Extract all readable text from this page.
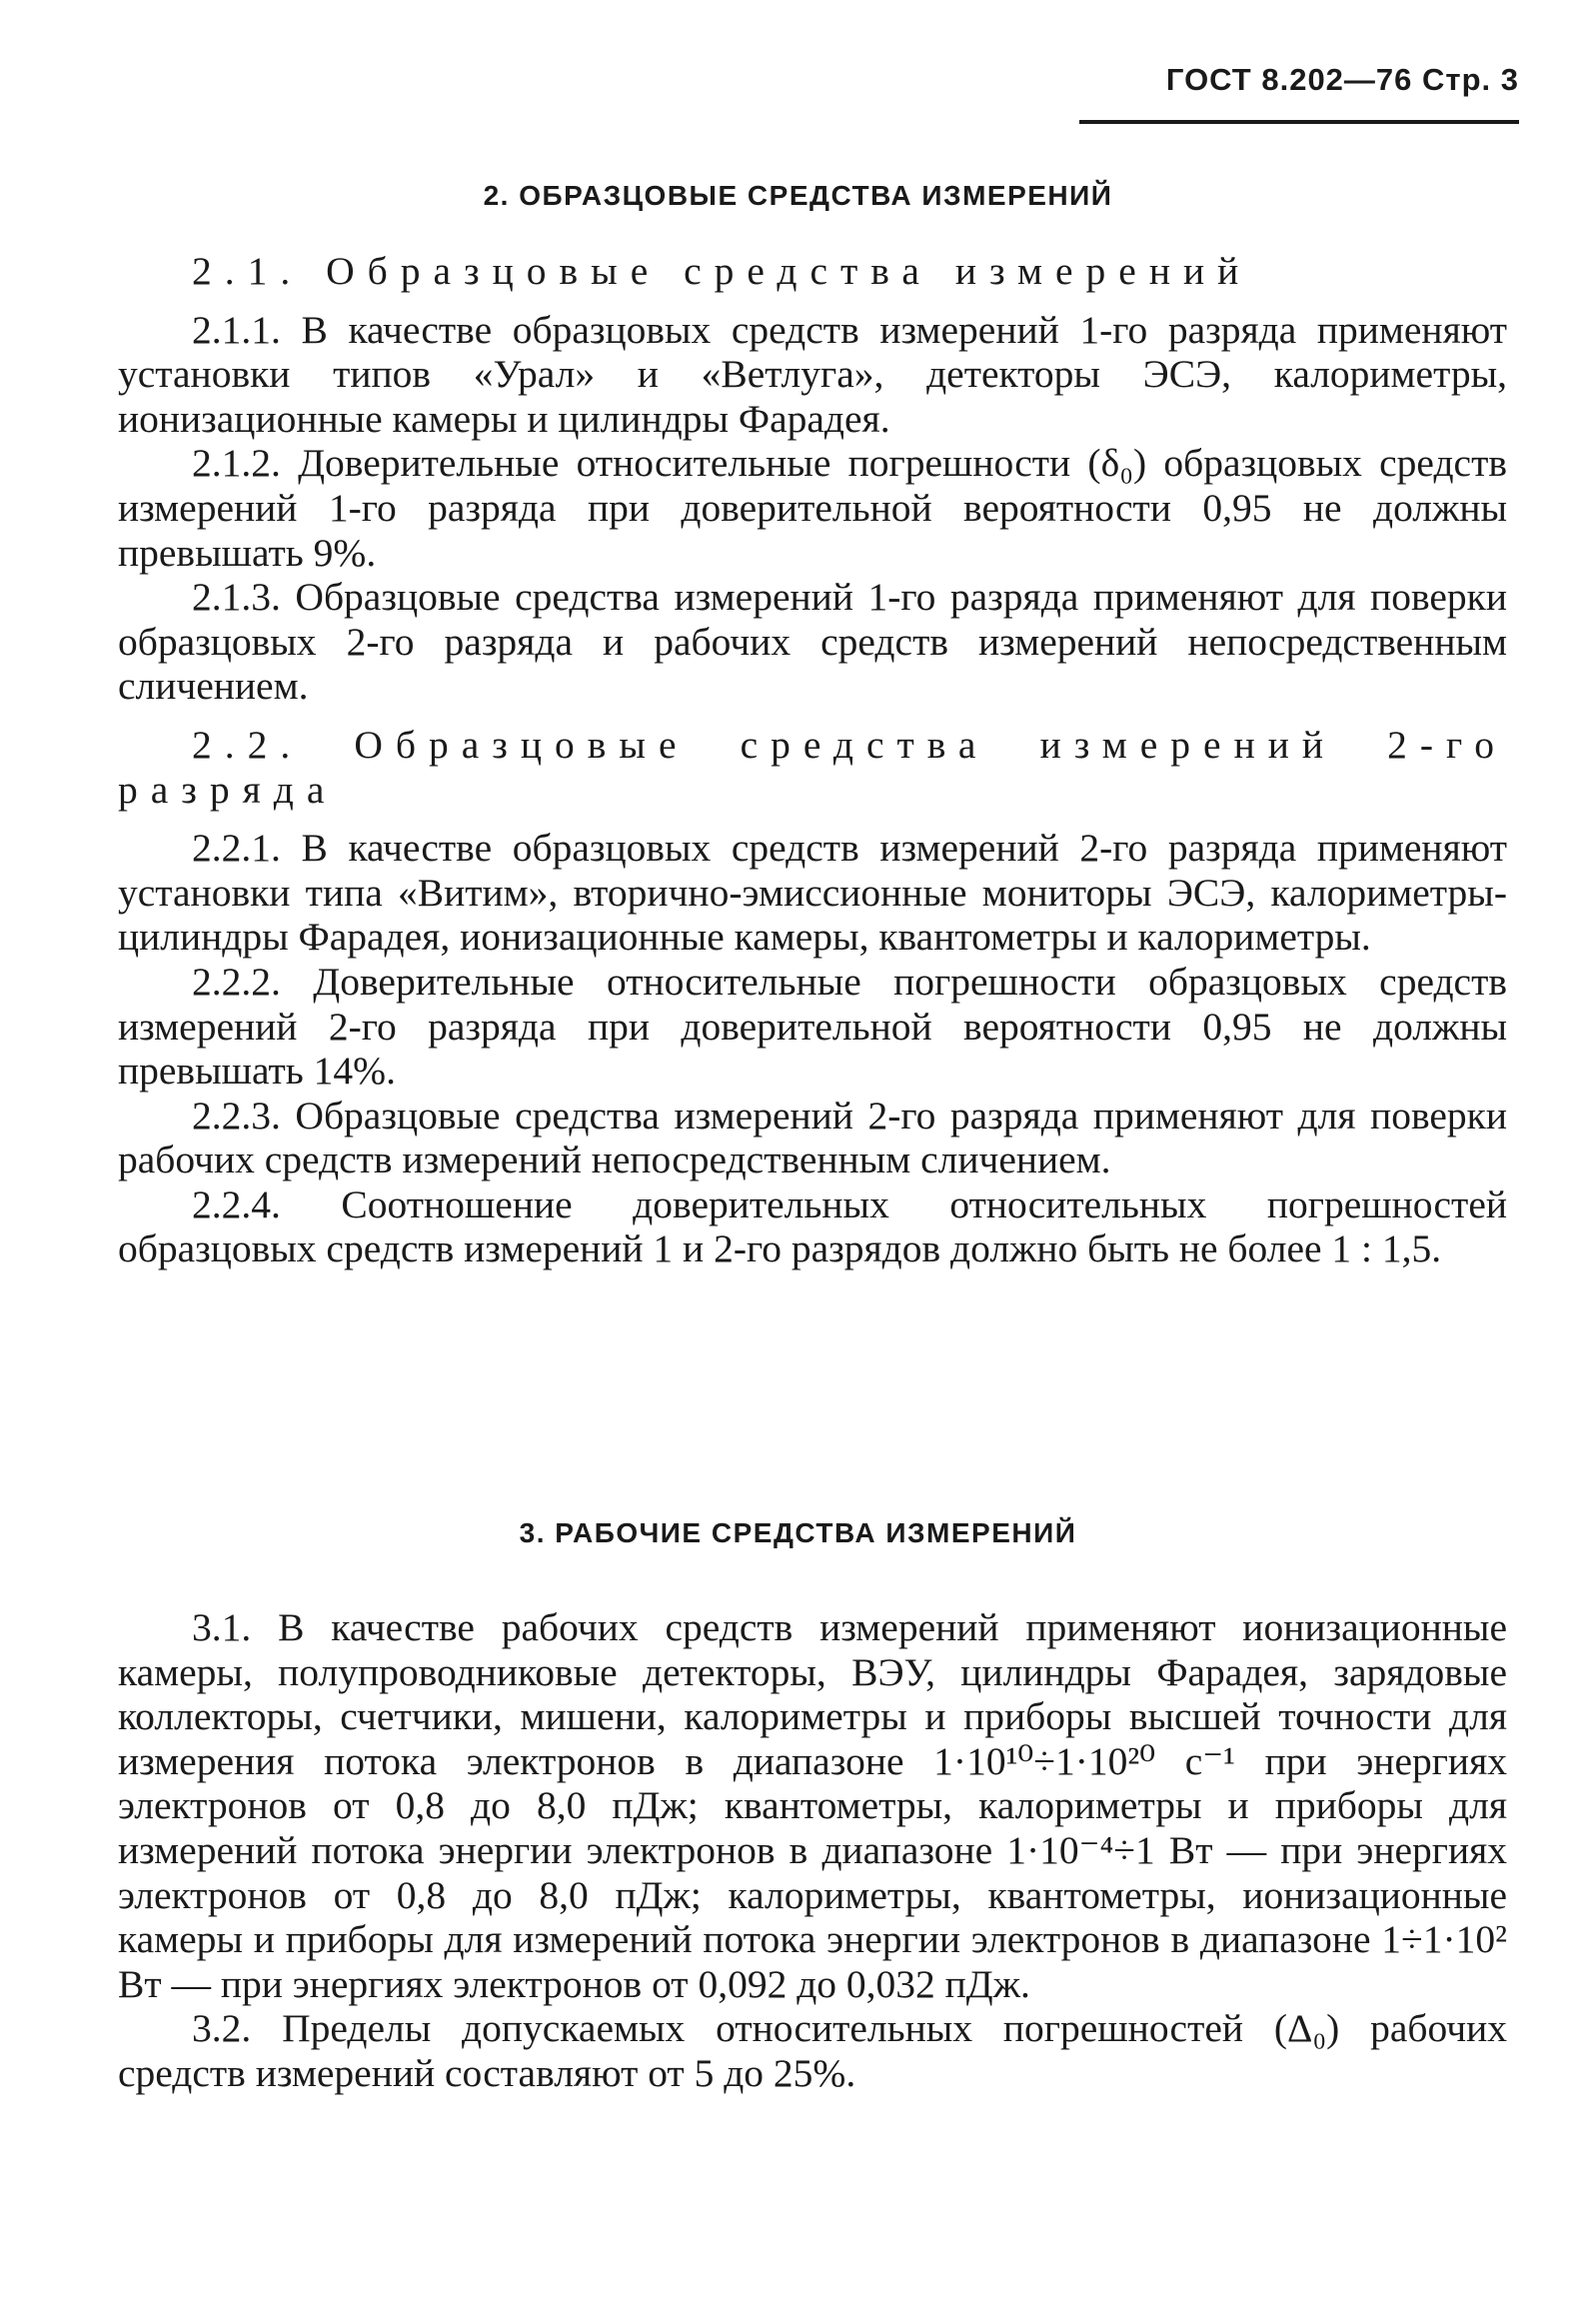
ГОСТ 8.202—76 Стр. 3
2. ОБРАЗЦОВЫЕ СРЕДСТВА ИЗМЕРЕНИЙ

2.1. Образцовые средства измерений

2.1.1. В качестве образцовых средств измерений 1-го разряда применяют установки типов «Урал» и «Ветлуга», детекторы ЭСЭ, калориметры, ионизационные камеры и цилиндры Фарадея.

2.1.2. Доверительные относительные погрешности (δ₀) образцовых средств измерений 1-го разряда при доверительной вероятности 0,95 не должны превышать 9%.

2.1.3. Образцовые средства измерений 1-го разряда применяют для поверки образцовых 2-го разряда и рабочих средств измерений непосредственным сличением.

2.2. Образцовые средства измерений 2-го разряда

2.2.1. В качестве образцовых средств измерений 2-го разряда применяют установки типа «Витим», вторично-эмиссионные мониторы ЭСЭ, калориметры-цилиндры Фарадея, ионизационные камеры, квантометры и калориметры.

2.2.2. Доверительные относительные погрешности образцовых средств измерений 2-го разряда при доверительной вероятности 0,95 не должны превышать 14%.

2.2.3. Образцовые средства измерений 2-го разряда применяют для поверки рабочих средств измерений непосредственным сличением.

2.2.4. Соотношение доверительных относительных погрешностей образцовых средств измерений 1 и 2-го разрядов должно быть не более 1 : 1,5.

3. РАБОЧИЕ СРЕДСТВА ИЗМЕРЕНИЙ

3.1. В качестве рабочих средств измерений применяют ионизационные камеры, полупроводниковые детекторы, ВЭУ, цилиндры Фарадея, зарядовые коллекторы, счетчики, мишени, калориметры и приборы высшей точности для измерения потока электронов в диапазоне 1·10¹⁰÷1·10²⁰ с⁻¹ при энергиях электронов от 0,8 до 8,0 пДж; квантометры, калориметры и приборы для измерений потока энергии электронов в диапазоне 1·10⁻⁴÷1 Вт — при энергиях электронов от 0,8 до 8,0 пДж; калориметры, квантометры, ионизационные камеры и приборы для измерений потока энергии электронов в диапазоне 1÷1·10² Вт — при энергиях электронов от 0,092 до 0,032 пДж.

3.2. Пределы допускаемых относительных погрешностей (Δ₀) рабочих средств измерений составляют от 5 до 25%.
